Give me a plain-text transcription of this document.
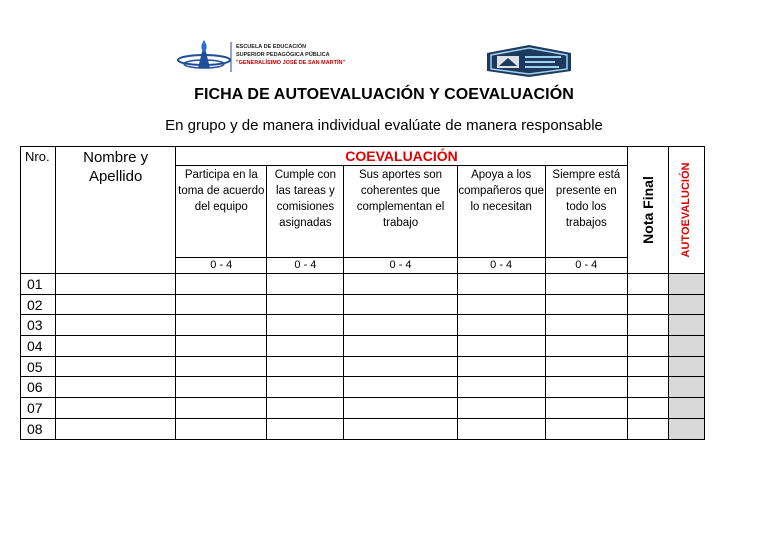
ESCUELA DE EDUCACIÓN
SUPERIOR PEDAGÓGICA PÚBLICA
"GENERALÍSIMO JOSÉ DE SAN MARTÍN"
FICHA DE AUTOEVALUACIÓN Y COEVALUACIÓN
En grupo y de manera individual evalúate de manera responsable
Nro.	Nombre y Apellido	COEVALUACIÓN					Nota Final	AUTOEVALUCIÓN

		Participa en la toma de acuerdo del equipo	Cumple con las tareas y comisiones asignadas	Sus aportes son coherentes que complementan el trabajo	Apoya a los compañeros que lo necesitan	Siempre está presente en todo los trabajos		
		0 - 4	0 - 4	0 - 4	0 - 4	0 - 4		
01								
02								
03								
04								
05								
06								
07								
08								
